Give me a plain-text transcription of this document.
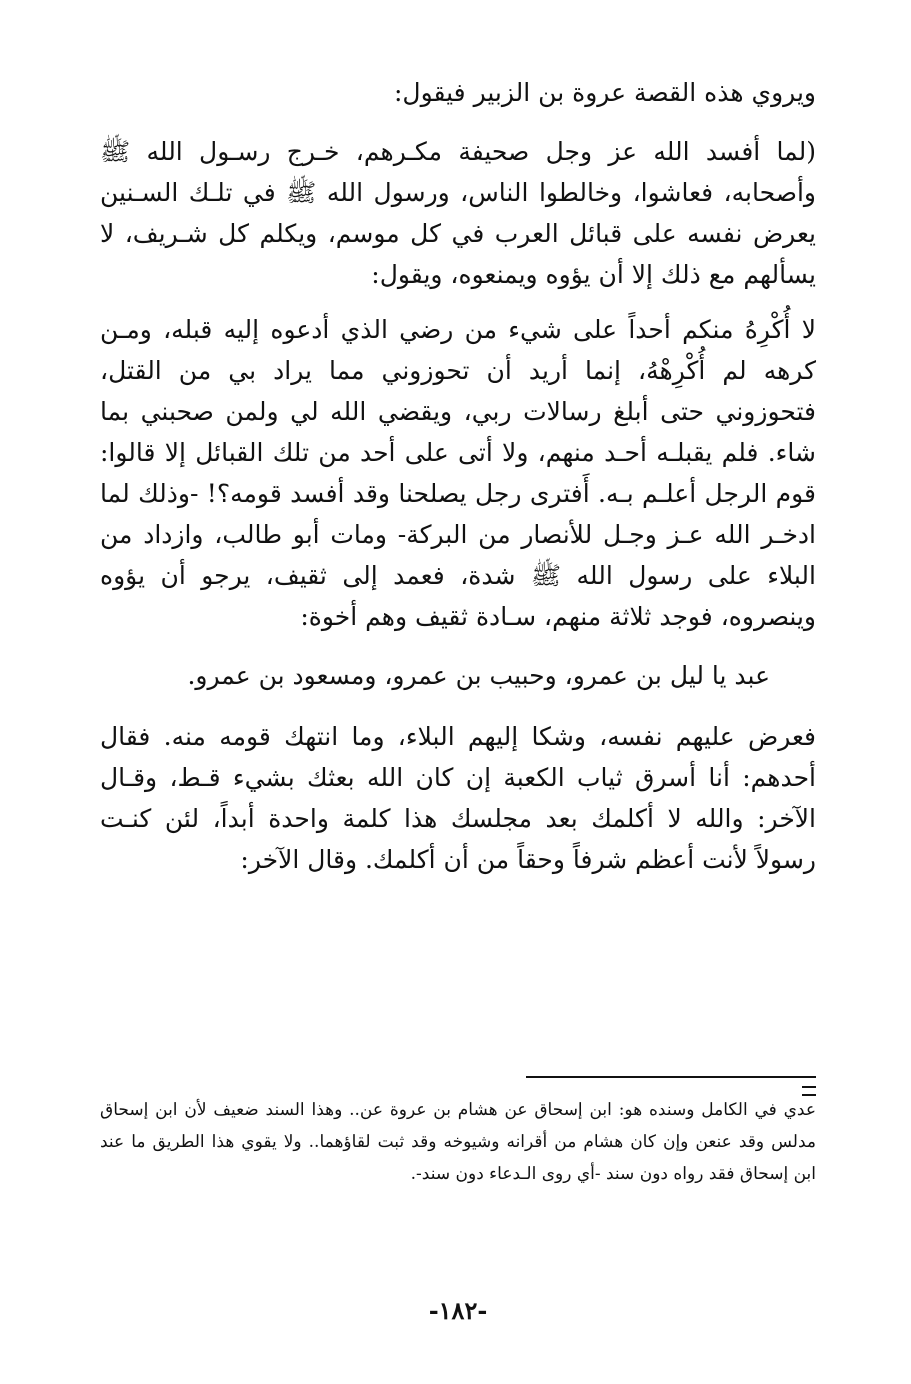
ويروي هذه القصة عروة بن الزبير فيقول:

(لما أفسد الله عز وجل صحيفة مكـرهم، خـرج رسـول الله ﷺ وأصحابه، فعاشوا، وخالطوا الناس، ورسول الله ﷺ في تلـك السـنين يعرض نفسه على قبائل العرب في كل موسم، ويكلم كل شـريف، لا يسألهم مع ذلك إلا أن يؤوه ويمنعوه، ويقول:

لا أُكْرِهُ منكم أحداً على شيء من رضي الذي أدعوه إليه قبله، ومـن كرهه لم أُكْرِهْهُ، إنما أريد أن تحوزوني مما يراد بي من القتل، فتحوزوني حتى أبلغ رسالات ربي، ويقضي الله لي ولمن صحبني بما شاء. فلم يقبلـه أحـد منهم، ولا أتى على أحد من تلك القبائل إلا قالوا: قوم الرجل أعلـم بـه. أَفترى رجل يصلحنا وقد أفسد قومه؟! -وذلك لما ادخـر الله عـز وجـل للأنصار من البركة- ومات أبو طالب، وازداد من البلاء على رسول الله ﷺ شدة، فعمد إلى ثقيف، يرجو أن يؤوه وينصروه، فوجد ثلاثة منهم، سـادة ثقيف وهم أخوة:

عبد يا ليل بن عمرو، وحبيب بن عمرو، ومسعود بن عمرو.

فعرض عليهم نفسه، وشكا إليهم البلاء، وما انتهك قومه منه. فقال أحدهم: أنا أسرق ثياب الكعبة إن كان الله بعثك بشيء قـط، وقـال الآخر: والله لا أكلمك بعد مجلسك هذا كلمة واحدة أبداً، لئن كنـت رسولاً لأنت أعظم شرفاً وحقاً من أن أكلمك. وقال الآخر:

عدي في الكامل وسنده هو: ابن إسحاق عن هشام بن عروة عن.. وهذا السند ضعيف لأن ابن إسحاق مدلس وقد عنعن وإن كان هشام من أقرانه وشيوخه وقد ثبت لقاؤهما.. ولا يقوي هذا الطريق ما عند ابن إسحاق فقد رواه دون سند -أي روى الـدعاء دون سند-.

-١٨٢-
